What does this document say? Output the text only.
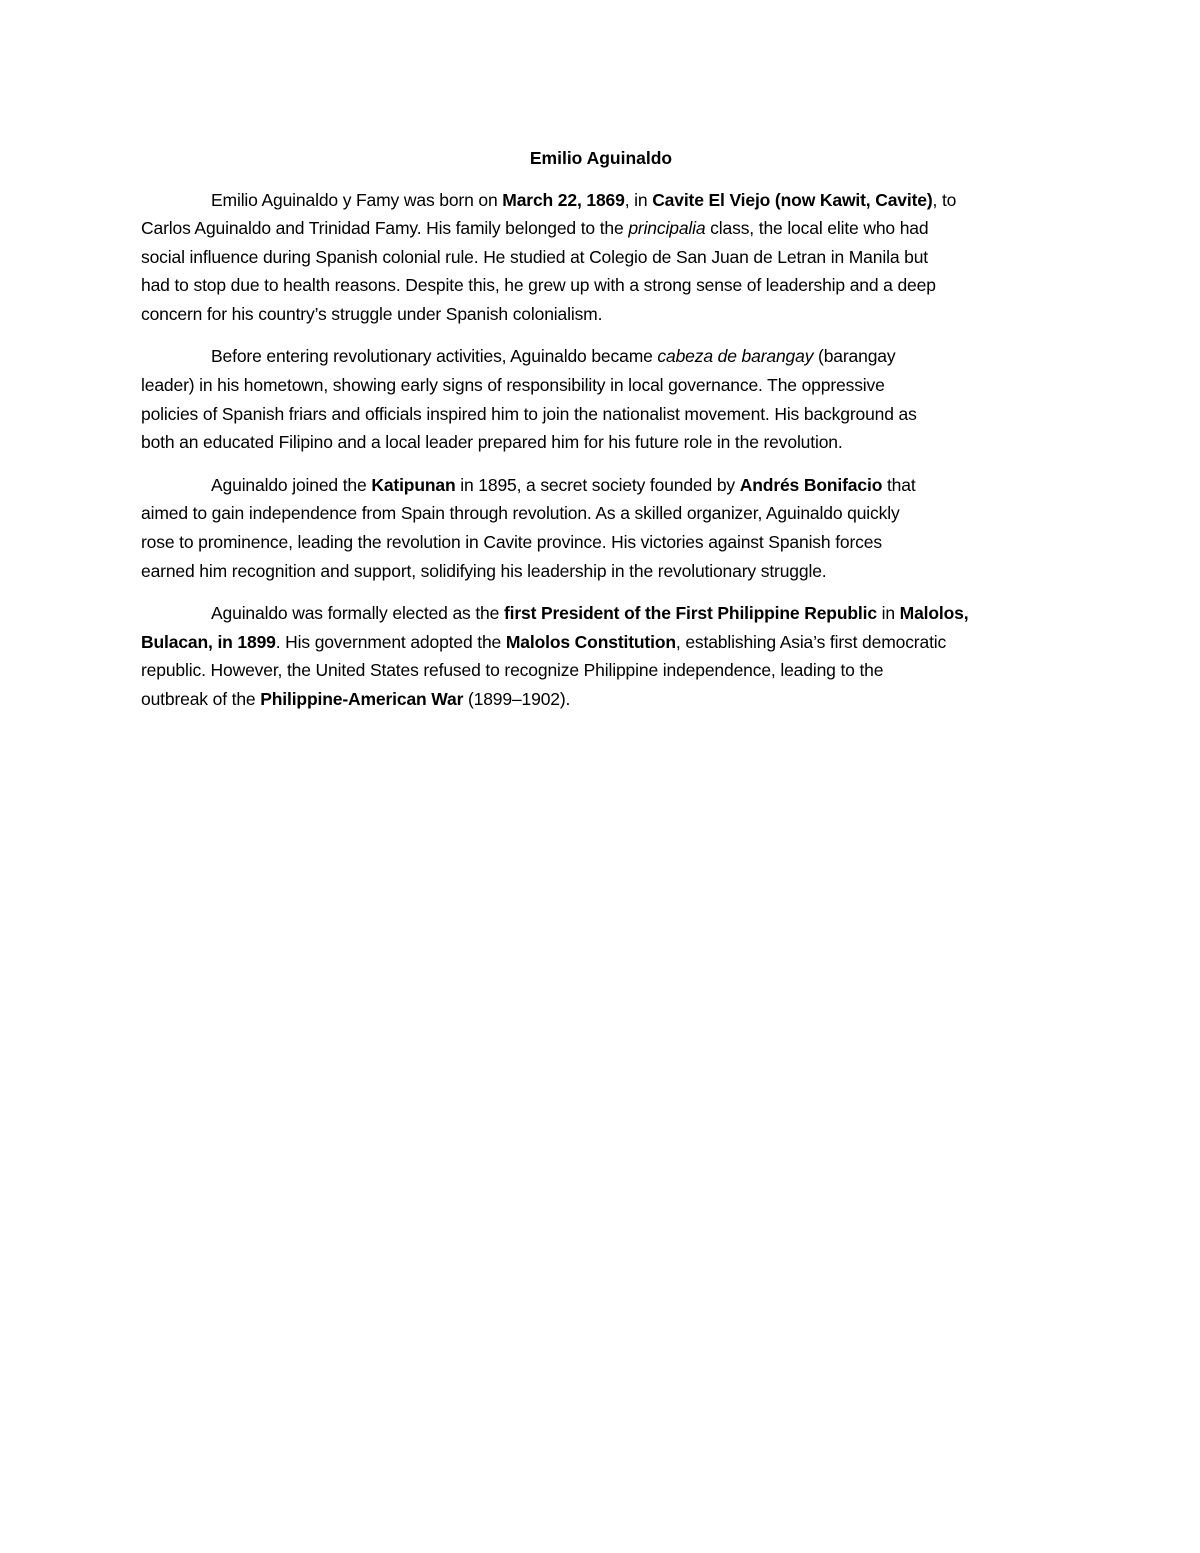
Emilio Aguinaldo

Emilio Aguinaldo y Famy was born on March 22, 1869, in Cavite El Viejo (now Kawit, Cavite), to
Carlos Aguinaldo and Trinidad Famy. His family belonged to the principalia class, the local elite who had
social influence during Spanish colonial rule. He studied at Colegio de San Juan de Letran in Manila but
had to stop due to health reasons. Despite this, he grew up with a strong sense of leadership and a deep
concern for his country’s struggle under Spanish colonialism.

Before entering revolutionary activities, Aguinaldo became cabeza de barangay (barangay
leader) in his hometown, showing early signs of responsibility in local governance. The oppressive
policies of Spanish friars and officials inspired him to join the nationalist movement. His background as
both an educated Filipino and a local leader prepared him for his future role in the revolution.

Aguinaldo joined the Katipunan in 1895, a secret society founded by Andrés Bonifacio that
aimed to gain independence from Spain through revolution. As a skilled organizer, Aguinaldo quickly
rose to prominence, leading the revolution in Cavite province. His victories against Spanish forces
earned him recognition and support, solidifying his leadership in the revolutionary struggle.

Aguinaldo was formally elected as the first President of the First Philippine Republic in Malolos,
Bulacan, in 1899. His government adopted the Malolos Constitution, establishing Asia’s first democratic
republic. However, the United States refused to recognize Philippine independence, leading to the
outbreak of the Philippine-American War (1899–1902).
